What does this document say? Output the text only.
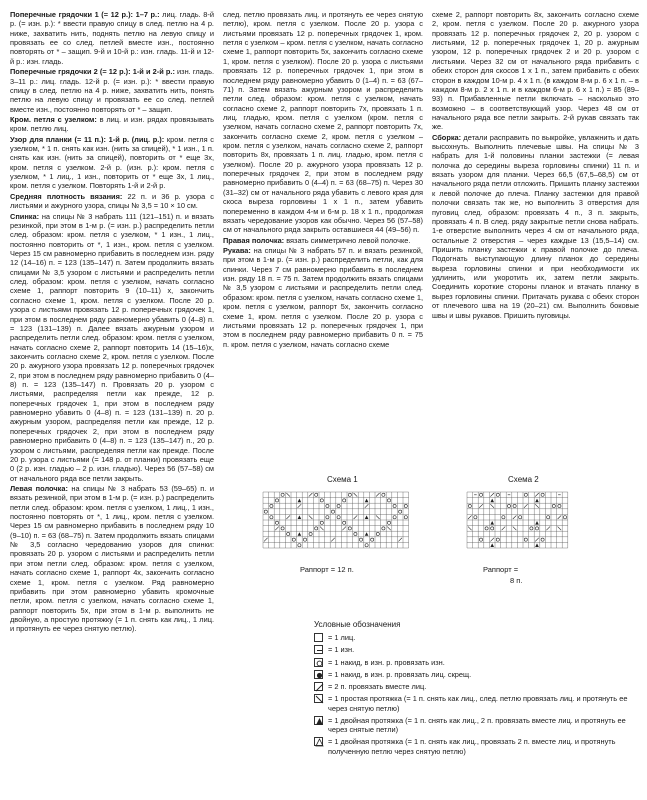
Поперечные грядочки 1 (= 12 р.): 1–7 р.: лиц. гладь. 8-й р. (= изн. р.): * ввести правую спицу в след. петлю на 4 р. ниже, захватить нить, поднять петлю на левую спицу и провязать ее со след. петлей вместе изн., постоянно повторять от * – защип. 9-й и 10-й р.: изн. гладь. 11-й и 12-й р.: изн. гладь.

Поперечные грядочки 2 (= 12 р.): 1-й и 2-й р.: изн. гладь. 3–11 р.: лиц. гладь. 12-й р. (= изн. р.): * ввести правую спицу в след. петлю на 4 р. ниже, захватить нить, понять петлю на левую спицу и провязать ее со след. петлей вместе изн., постоянно повторять от * – защип.

Кром. петля с узелком: в лиц. и изн. рядах провязывать кром. петлю лиц.

Узор для планки (= 11 п.): 1-й р. (лиц. р.): кром. петля с узелком, * 1 п. снять как изн. (нить за спицей), * 1 изн., 1 п. снять как изн. (нить за спицей), повторить от * еще 3х, кром. петля с узелком. 2-й р. (изн. р.): кром. петля с узелком, * 1 лиц., 1 изн., повторить от * еще 3х, 1 лиц., кром. петля с узелком. Повторять 1-й и 2-й р.

Средняя плотность вязания: 22 п. и 36 р. узора с листьями и ажурного узора, спицы № 3,5 = 10 × 10 см.

Спинка: на спицы № 3 набрать 111 (121–151) п. и вязать резинкой, при этом в 1-м р. (= изн. р.) распределить петли след. образом: кром. петля с узелком, * 1 изн., 1 лиц., постоянно повторить от *, 1 изн., кром. петля с узелком. Через 15 см равномерно прибавить в последнем изн. ряду 12 (14–16) п. = 123 (135–147) п. Затем продолжить вязать спицами № 3,5 узором с листьями и распределить петли след. образом: кром. петля с узелком, начать согласно схеме 1, раппорт повторить 9 (10–11) х, закончить согласно схеме 1, кром. петля с узелком. После 20 р. узора с листьями провязать 12 р. поперечных грядочек 1, при этом в последнем ряду равномерно убавить 0 (4–8) п. = 123 (131–139) п. Далее вязать ажурным узором и распределить петли след. образом: кром. петля с узелком, начать согласно схеме 2, раппорт повторить 14 (15–16)х, закончить согласно схеме 2, кром. петля с узелком. После 20 р. ажурного узора провязать 12 р. поперечных грядочек 2, при этом в последнем ряду равномерно прибавить 0 (4–8) п. = 123 (135–147) п. Провязать 20 р. узором с листьями, распределяя петли как прежде, 12 р. поперечных грядочек 1, при этом в последнем ряду равномерно убавить 0 (4–8) п. = 123 (131–139) п. 20 р. ажурным узором, распределяя петли как прежде, 12 р. поперечных грядочек 2, при этом в последнем ряду равномерно прибавить 0 (4–8) п. = 123 (135–147) п., 20 р. узором с листьями, распределяя петли как прежде. После 20 р. узора с листьями (= 148 р. от планки) провязать еще 0 (2 р. изн. гладью – 2 р. изн. гладью). Через 56 (57–58) см от начального ряда все петли закрыть.

Левая полочка: на спицы № 3 набрать 53 (59–65) п. и вязать резинкой, при этом в 1-м р. (= изн. р.) распределить петли след. образом: кром. петля с узелком, 1 лиц., 1 изн., постоянно повторять от *, 1 лиц., кром. петля с узелком. Через 15 см равномерно прибавить в последнем ряду 10 (9–10) п. = 63 (68–75) п. Затем продолжить вязать спицами № 3,5 согласно чередованию узоров для спинки: провязать 20 р. узором с листьями и распределить петли при этом петли след. образом: кром. петля с узелком, начать согласно схеме 1, раппорт 4х, закончить согласно схеме 1, кром. петля с узелком. Ряд равномерно прибавить при этом равномерно убавить кромочные петли, кром. петля с узелком, начать согласно схеме 1, раппорт повторить 5х, при этом в 1-м р. выполнить не двойную, а простую протяжку (= 1 п. снять как лиц., 1 лиц. и протянуть ее через снятую петлю).

след. петлю провязать лиц. и протянуть ее через снятую петлю), кром. петля с узелком. После 20 р. узора с листьями провязать 12 р. поперечных грядочек 1, кром. петля с узелком – кром. петля с узелком, начать согласно схеме 1, раппорт повторить 5х, закончить согласно схеме 1, кром. петля с узелком). После 20 р. узора с листьями провязать 12 р. поперечных грядочек 1, при этом в последнем ряду равномерно убавить 0 (1–4) п. = 63 (67–71) п. Затем вязать ажурным узором и распределить петли след. образом: кром. петля с узелком, начать согласно схеме 2, раппорт повторить 7х, провязать 1 п. лиц. гладью, кром. петля с узелком (кром. петля с узелком, начать согласно схеме 2, раппорт повторить 7х, закончить согласно схеме 2, кром. петля с узелком – кром. петля с узелком, начать согласно схеме 2, раппорт повторить 8х, провязать 1 п. лиц. гладью, кром. петля с узелком). После 20 р. ажурного узора провязать 12 р. поперечных грядочек 2, при этом в последнем ряду равномерно прибавить 0 (4–4) п. = 63 (68–75) п. Через 30 (31–32) см от начального ряда убавить с левого края для скоса выреза горловины 1 х 1 п., затем убавить попеременно в каждом 4-м и 6-м р. 18 х 1 п., продолжая вязать чередование узоров как обычно. Через 56 (57–58) см от начального ряда закрыть оставшиеся 44 (49–56) п.

Правая полочка: вязать симметрично левой полочке.

Рукава: на спицы № 3 набрать 57 п. и вязать резинкой, при этом в 1-м р. (= изн. р.) распределить петли, как для спинки. Через 7 см равномерно прибавить в последнем изн. ряду 18 п. = 75 п. Затем продолжить вязать спицами № 3,5 узором с листьями и распределить петли след. образом: кром. петля с узелком, начать согласно схеме 1, кром. петля с узелком, раппорт 5х, закончить согласно схеме 1, кром. петля с узелком. После 20 р. узора с листьями провязать 12 р. поперечных грядочек 1, при этом в последнем ряду равномерно прибавить 0 п. = 75 п. кром. петля с узелком, начать согласно схеме

схеме 2, раппорт повторить 8х, закончить согласно схеме 2, кром. петля с узелком. После 20 р. ажурного узора провязать 12 р. поперечных грядочек 2, 20 р. узором с листьями, 12 р. поперечных грядочек 1, 20 р. ажурным узором, 12 р. поперечных грядочек 2 и 20 р. узором с листьями. Через 32 см от начального ряда прибавить с обеих сторон для скосов 1 х 1 п., затем прибавить с обеих сторон в каждом 10-м р. 4 х 1 п. (в каждом 8-м р. 6 х 1 п. – в каждом 8-м р. 2 х 1 п. и в каждом 6-м р. 6 х 1 п.) = 85 (89–93) п. Прибавленные петли включать – насколько это возможно – в соответствующий узор. Через 48 см от начального ряда все петли закрыть. 2-й рукав связать так же.

Сборка: детали расправить по выкройке, увлажнить и дать высохнуть. Выполнить плечевые швы. На спицы № 3 набрать для 1-й половины планки застежки (= левая полочка до середины выреза горловины спинки) 11 п. и вязать узором для планки. Через 66,5 (67,5–68,5) см от начального ряда петли отложить. Пришить планку застежки к левой полочке до плеча. Планку застежки для правой полочки связать так же, но выполнить 3 отверстия для пуговиц след. образом: провязать 4 п., 3 п. закрыть, провязать 4 п. В след. ряду закрытые петли снова набрать. 1-е отверстие выполнить через 4 см от начального ряда, остальные 2 отверстия – через каждые 13 (15,5–14) см. Пришить планку застежки к правой полочке до плеча. Подогнать выступающую длину планок до середины выреза горловины спинки и при необходимости их удлинить, или укоротить их, затем петли закрыть. Соединить короткие стороны планок и втачать планку в вырез горловины спинки. Притачать рукава с обеих сторон от плечевого шва на 19 (20–21) см. Выполнить боковые швы и швы рукавов. Пришить пуговицы.

Схема 1
Раппорт = 12 п.
Схема 2
Раппорт =
8 п.
Условные обозначения
= 1 лиц.
= 1 изн.
= 1 накид, в изн. р. провязать изн.
= 1 накид, в изн. р. провязать лиц. скрещ.
= 2 п. провязать вместе лиц.
= 1 простая протяжка (= 1 п. снять как лиц., след. петлю провязать лиц. и протянуть ее через снятую петлю)
= 1 двойная протяжка (= 1 п. снять как лиц., 2 п. провязать вместе лиц. и протянуть ее через снятые петли)
= 1 двойная протяжка (= 1 п. снять как лиц., провязать 2 п. вместе лиц. и протянуть полученную петлю через снятую петлю)
